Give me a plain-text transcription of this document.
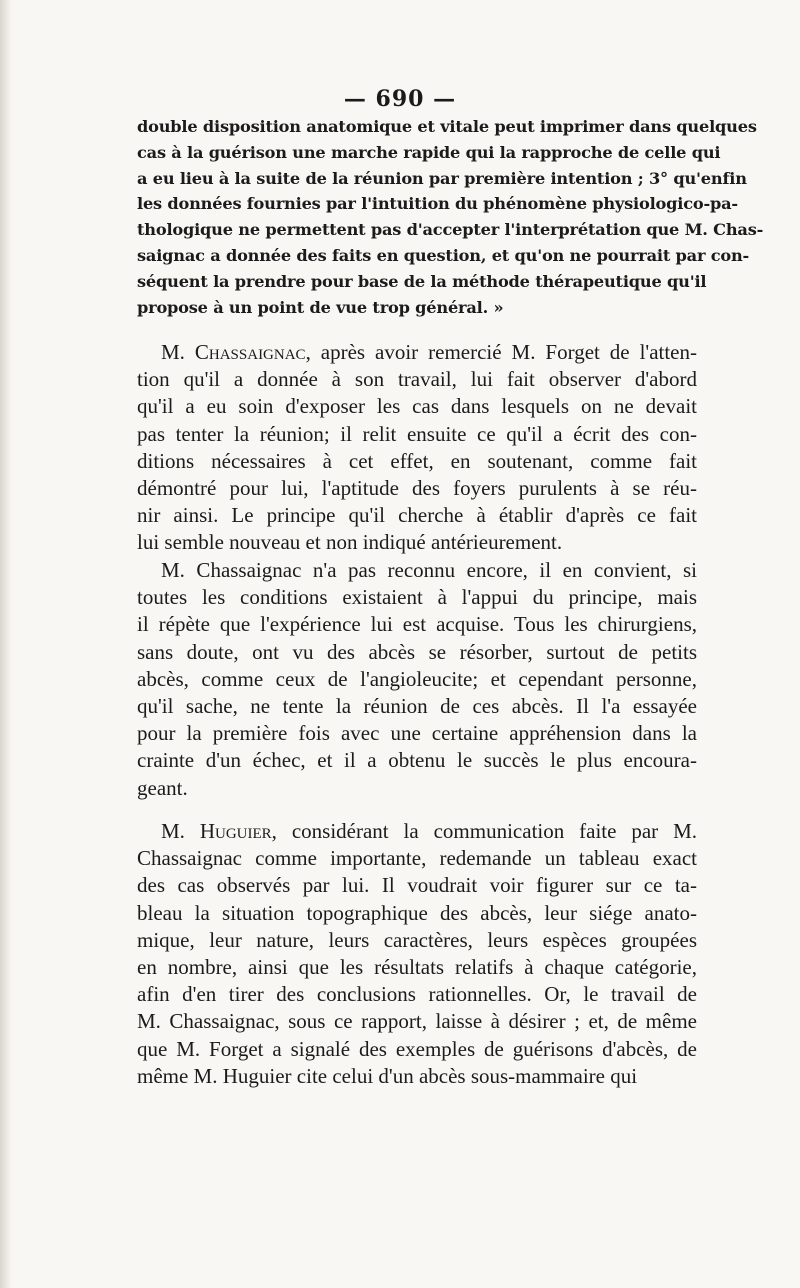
— 690 —
double disposition anatomique et vitale peut imprimer dans quelques
cas à la guérison une marche rapide qui la rapproche de celle qui
a eu lieu à la suite de la réunion par première intention ; 3° qu'enfin
les données fournies par l'intuition du phénomène physiologico-pa-
thologique ne permettent pas d'accepter l'interprétation que M. Chas-
saignac a donnée des faits en question, et qu'on ne pourrait par con-
séquent la prendre pour base de la méthode thérapeutique qu'il
propose à un point de vue trop général. »
M. Chassaignac, après avoir remercié M. Forget de l'atten-
tion qu'il a donnée à son travail, lui fait observer d'abord
qu'il a eu soin d'exposer les cas dans lesquels on ne devait
pas tenter la réunion; il relit ensuite ce qu'il a écrit des con-
ditions nécessaires à cet effet, en soutenant, comme fait
démontré pour lui, l'aptitude des foyers purulents à se réu-
nir ainsi. Le principe qu'il cherche à établir d'après ce fait
lui semble nouveau et non indiqué antérieurement.
M. Chassaignac n'a pas reconnu encore, il en convient, si
toutes les conditions existaient à l'appui du principe, mais
il répète que l'expérience lui est acquise. Tous les chirurgiens,
sans doute, ont vu des abcès se résorber, surtout de petits
abcès, comme ceux de l'angioleucite; et cependant personne,
qu'il sache, ne tente la réunion de ces abcès. Il l'a essayée
pour la première fois avec une certaine appréhension dans la
crainte d'un échec, et il a obtenu le succès le plus encoura-
geant.
M. Huguier, considérant la communication faite par M.
Chassaignac comme importante, redemande un tableau exact
des cas observés par lui. Il voudrait voir figurer sur ce ta-
bleau la situation topographique des abcès, leur siége anato-
mique, leur nature, leurs caractères, leurs espèces groupées
en nombre, ainsi que les résultats relatifs à chaque catégorie,
afin d'en tirer des conclusions rationnelles. Or, le travail de
M. Chassaignac, sous ce rapport, laisse à désirer ; et, de même
que M. Forget a signalé des exemples de guérisons d'abcès, de
même M. Huguier cite celui d'un abcès sous-mammaire qui
